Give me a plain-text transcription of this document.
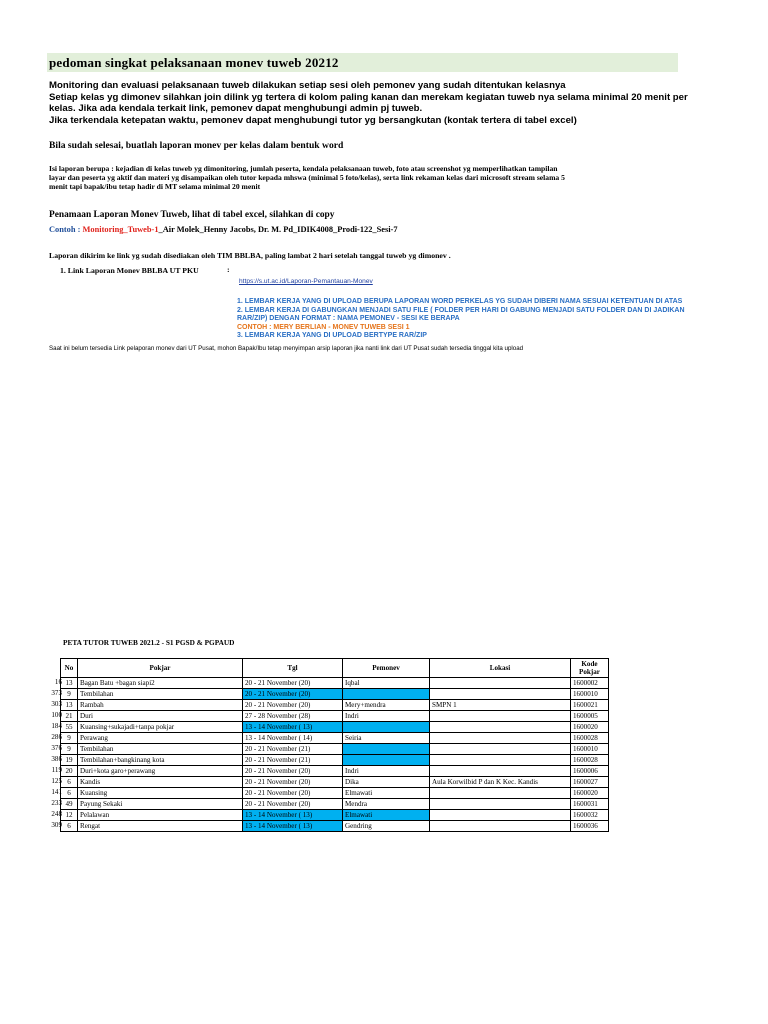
pedoman singkat pelaksanaan monev tuweb 20212
Monitoring dan evaluasi pelaksanaan tuweb dilakukan setiap sesi oleh pemonev yang sudah ditentukan kelasnya
Setiap kelas yg dimonev silahkan join dilink yg tertera di kolom paling kanan dan merekam kegiatan tuweb nya selama minimal 20 menit per
kelas. Jika ada kendala terkait link, pemonev dapat menghubungi admin pj tuweb.
Jika terkendala ketepatan waktu, pemonev dapat menghubungi tutor yg bersangkutan (kontak tertera di tabel excel)
Bila sudah selesai, buatlah laporan monev per kelas dalam bentuk word
Isi laporan berupa : kejadian di kelas tuweb yg dimonitoring, jumlah peserta, kendala pelaksanaan tuweb, foto atau screenshot yg memperlihatkan tampilan
layar dan peserta yg aktif dan materi yg disampaikan oleh tutor kepada mhswa (minimal 5 foto/kelas), serta link rekaman kelas dari microsoft stream selama 5
menit tapi bapak/ibu tetap hadir di MT selama minimal 20 menit
Penamaan Laporan Monev Tuweb, lihat di tabel excel, silahkan di copy
Contoh : Monitoring_Tuweb-1_Air Molek_Henny Jacobs, Dr. M. Pd_IDIK4008_Prodi-122_Sesi-7
Laporan dikirim ke link yg sudah disediakan oleh TIM BBLBA, paling lambat 2 hari setelah tanggal tuweb yg dimonev .
1. Link Laporan Monev BBLBA UT PKU	:
https://s.ut.ac.id/Laporan-Pemantauan-Monev
1. LEMBAR KERJA YANG DI UPLOAD BERUPA LAPORAN WORD PERKELAS YG SUDAH DIBERI NAMA SESUAI KETENTUAN DI ATAS
2. LEMBAR KERJA DI GABUNGKAN MENJADI SATU FILE ( FOLDER PER HARI DI GABUNG MENJADI SATU FOLDER DAN DI JADIKAN
RAR/ZIP) DENGAN FORMAT : NAMA PEMONEV - SESI KE BERAPA
CONTOH : MERY BERLIAN - MONEV TUWEB SESI 1
3. LEMBAR KERJA YANG DI UPLOAD BERTYPE RAR/ZIP
Saat ini belum tersedia Link pelaporan monev dari UT Pusat, mohon Bapak/Ibu tetap menyimpan arsip laporan jika nanti link dari UT Pusat sudah tersedia tinggal kita upload
PETA TUTOR TUWEB 2021.2 - S1 PGSD & PGPAUD
16
373
303
100
184
286
376
386
119
125
141
233
248
309
No	Pokjar	Tgl	Pemonev	Lokasi	Kode Pokjar
13	Bagan Batu +bagan siapi2	20 - 21 November (20)	Iqbal		1600002
9	Tembilahan	20 - 21 November (20)			1600010
13	Rambah	20 - 21 November (20)	Mery+mendra	SMPN 1	1600021
21	Duri	27 - 28 November (28)	Indri		1600005
55	Kuansing+sukajadi+tanpa pokjar	13 - 14 November ( 13)			1600020
9	Perawang	13 - 14 November ( 14)	Seiria		1600028
9	Tembilahan	20 - 21 November (21)			1600010
19	Tembilahan+bangkinang kota	20 - 21 November (21)			1600028
20	Duri+kota garo+perawang	20 - 21 November (20)	Indri		1600006
6	Kandis	20 - 21 November (20)	Dika	Aula Korwilbid P dan K Kec. Kandis	1600027
6	Kuansing	20 - 21 November (20)	Elmawati		1600020
49	Payung Sekaki	20 - 21 November (20)	Mendra		1600031
12	Pelalawan	13 - 14 November ( 13)	Elmawati		1600032
6	Rengat	13 - 14 November ( 13)	Gendring		1600036
